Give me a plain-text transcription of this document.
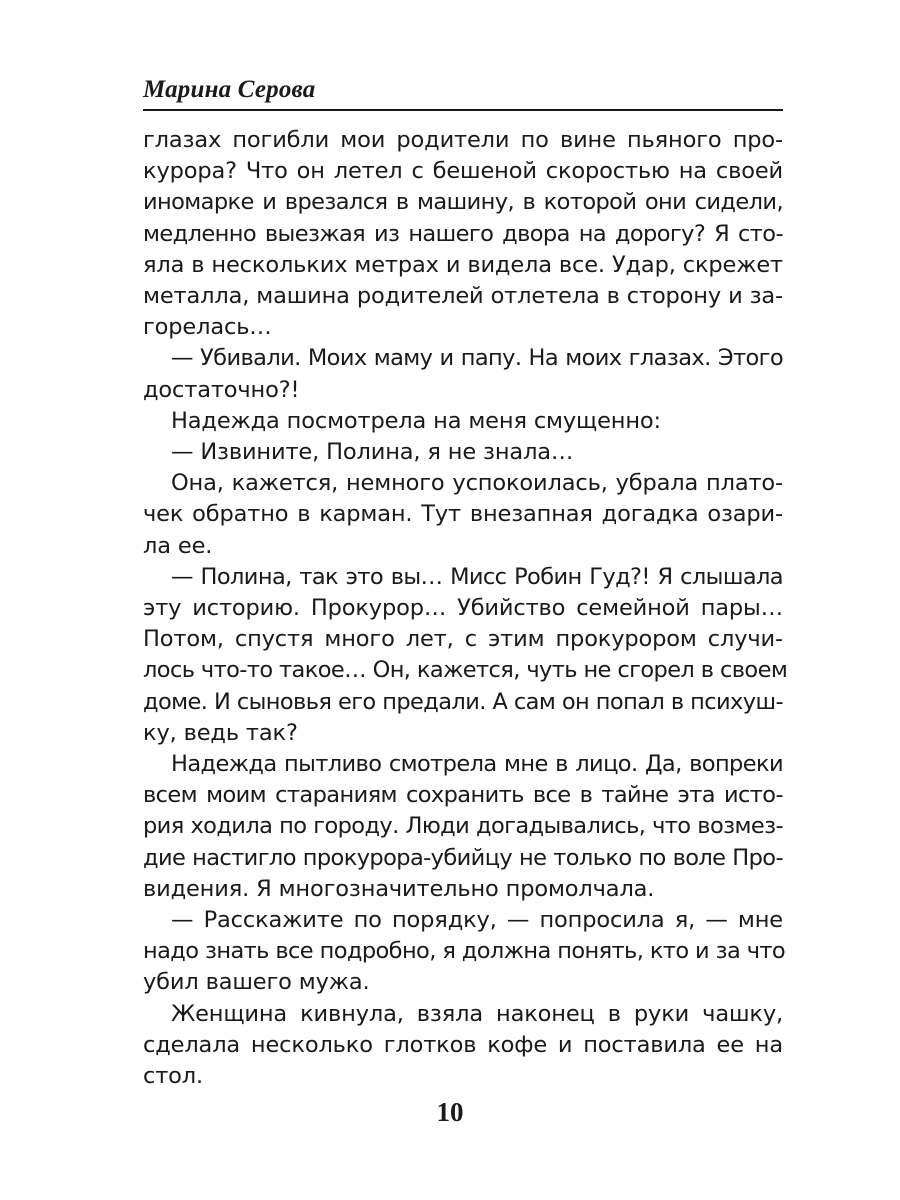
Марина Серова
глазах погибли мои родители по вине пьяного про-
курора? Что он летел с бешеной скоростью на своей
иномарке и врезался в машину, в которой они сидели,
медленно выезжая из нашего двора на дорогу? Я сто-
яла в нескольких метрах и видела все. Удар, скрежет
металла, машина родителей отлетела в сторону и за-
горелась…
— Убивали. Моих маму и папу. На моих глазах. Этого
достаточно?!
Надежда посмотрела на меня смущенно:
— Извините, Полина, я не знала…
Она, кажется, немного успокоилась, убрала плато-
чек обратно в карман. Тут внезапная догадка озари-
ла ее.
— Полина, так это вы… Мисс Робин Гуд?! Я слышала
эту историю. Прокурор… Убийство семейной пары…
Потом, спустя много лет, с этим прокурором случи-
лось что-то такое… Он, кажется, чуть не сгорел в своем
доме. И сыновья его предали. А сам он попал в психуш-
ку, ведь так?
Надежда пытливо смотрела мне в лицо. Да, вопреки
всем моим стараниям сохранить все в тайне эта исто-
рия ходила по городу. Люди догадывались, что возмез-
дие настигло прокурора-убийцу не только по воле Про-
видения. Я многозначительно промолчала.
— Расскажите по порядку, — попросила я, — мне
надо знать все подробно, я должна понять, кто и за что
убил вашего мужа.
Женщина кивнула, взяла наконец в руки чашку,
сделала несколько глотков кофе и поставила ее на
стол.
10
